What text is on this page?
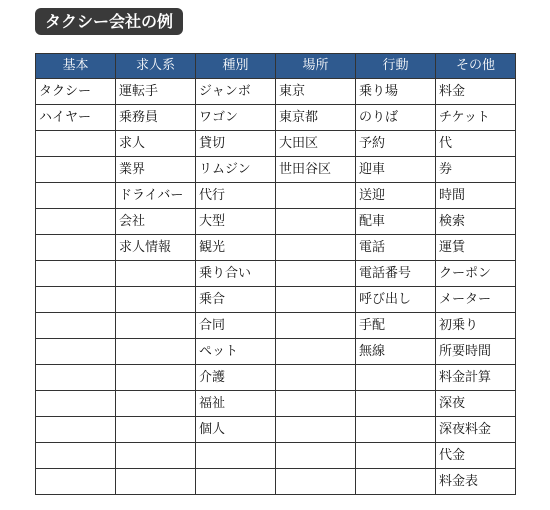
タクシー会社の例
基本	求人系	種別	場所	行動	その他
タクシー	運転手	ジャンボ	東京	乗り場	料金
ハイヤー	乗務員	ワゴン	東京都	のりば	チケット
	求人	貸切	大田区	予約	代
	業界	リムジン	世田谷区	迎車	券
	ドライバー	代行		送迎	時間
	会社	大型		配車	検索
	求人情報	観光		電話	運賃
		乗り合い		電話番号	クーポン
		乗合		呼び出し	メーター
		合同		手配	初乗り
		ペット		無線	所要時間
		介護			料金計算
		福祉			深夜
		個人			深夜料金
					代金
					料金表
